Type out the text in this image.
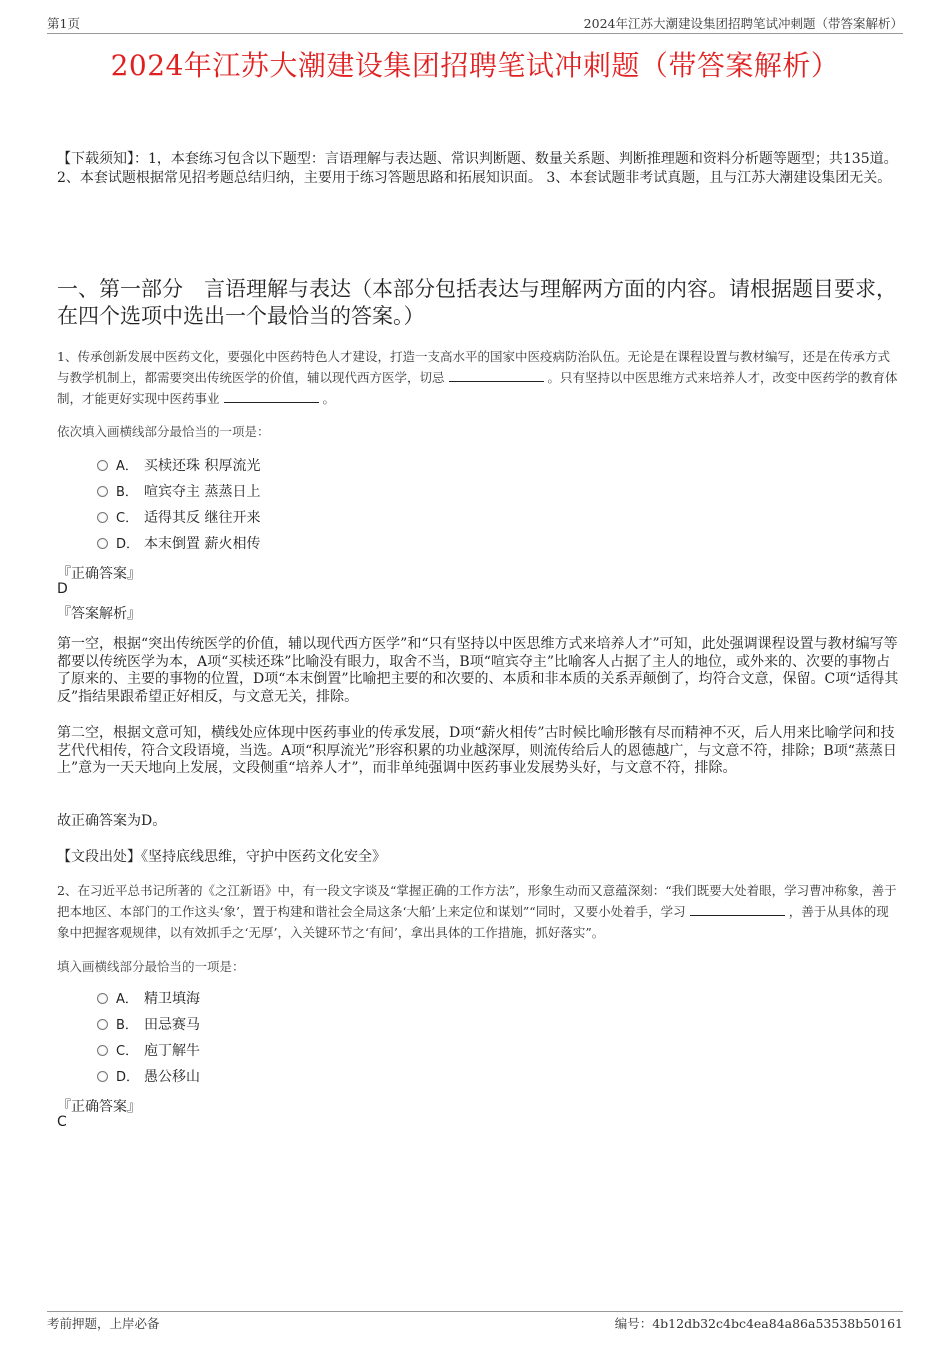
第1页	2024年江苏大潮建设集团招聘笔试冲刺题（带答案解析）
2024年江苏大潮建设集团招聘笔试冲刺题（带答案解析）
【下载须知】：1，本套练习包含以下题型：言语理解与表达题、常识判断题、数量关系题、判断推理题和资料分析题等题型；共135道。 2、本套试题根据常见招考题总结归纳，主要用于练习答题思路和拓展知识面。 3、本套试题非考试真题，且与江苏大潮建设集团无关。
一、第一部分　言语理解与表达（本部分包括表达与理解两方面的内容。请根据题目要求，在四个选项中选出一个最恰当的答案。）
1、传承创新发展中医药文化，要强化中医药特色人才建设，打造一支高水平的国家中医疫病防治队伍。无论是在课程设置与教材编写，还是在传承方式与教学机制上，都需要突出传统医学的价值，辅以现代西方医学，切忌	。只有坚持以中医思维方式来培养人才，改变中医药学的教育体制，才能更好实现中医药事业	。
依次填入画横线部分最恰当的一项是：
A． 买椟还珠 积厚流光
B． 喧宾夺主 蒸蒸日上
C． 适得其反 继往开来
D． 本末倒置 薪火相传
『正确答案』
D
『答案解析』
第一空，根据“突出传统医学的价值，辅以现代西方医学”和“只有坚持以中医思维方式来培养人才”可知，此处强调课程设置与教材编写等都要以传统医学为本，A项“买椟还珠”比喻没有眼力，取舍不当，B项“喧宾夺主”比喻客人占据了主人的地位，或外来的、次要的事物占了原来的、主要的事物的位置，D项“本末倒置”比喻把主要的和次要的、本质和非本质的关系弄颠倒了，均符合文意，保留。C项“适得其反”指结果跟希望正好相反，与文意无关，排除。
第二空，根据文意可知，横线处应体现中医药事业的传承发展，D项“薪火相传”古时候比喻形骸有尽而精神不灭，后人用来比喻学问和技艺代代相传，符合文段语境，当选。A项“积厚流光”形容积累的功业越深厚，则流传给后人的恩德越广，与文意不符，排除；B项“蒸蒸日上”意为一天天地向上发展，文段侧重“培养人才”，而非单纯强调中医药事业发展势头好，与文意不符，排除。
故正确答案为D。
【文段出处】《坚持底线思维，守护中医药文化安全》
2、在习近平总书记所著的《之江新语》中，有一段文字谈及“掌握正确的工作方法”，形象生动而又意蕴深刻：“我们既要大处着眼，学习曹冲称象，善于把本地区、本部门的工作这头‘象’，置于构建和谐社会全局这条‘大船’上来定位和谋划”“同时，又要小处着手，学习	，善于从具体的现象中把握客观规律，以有效抓手之‘无厚’，入关键环节之‘有间’，拿出具体的工作措施，抓好落实”。
填入画横线部分最恰当的一项是：
A． 精卫填海
B． 田忌赛马
C． 庖丁解牛
D． 愚公移山
『正确答案』
C
考前押题，上岸必备	编号：4b12db32c4bc4ea84a86a53538b50161
